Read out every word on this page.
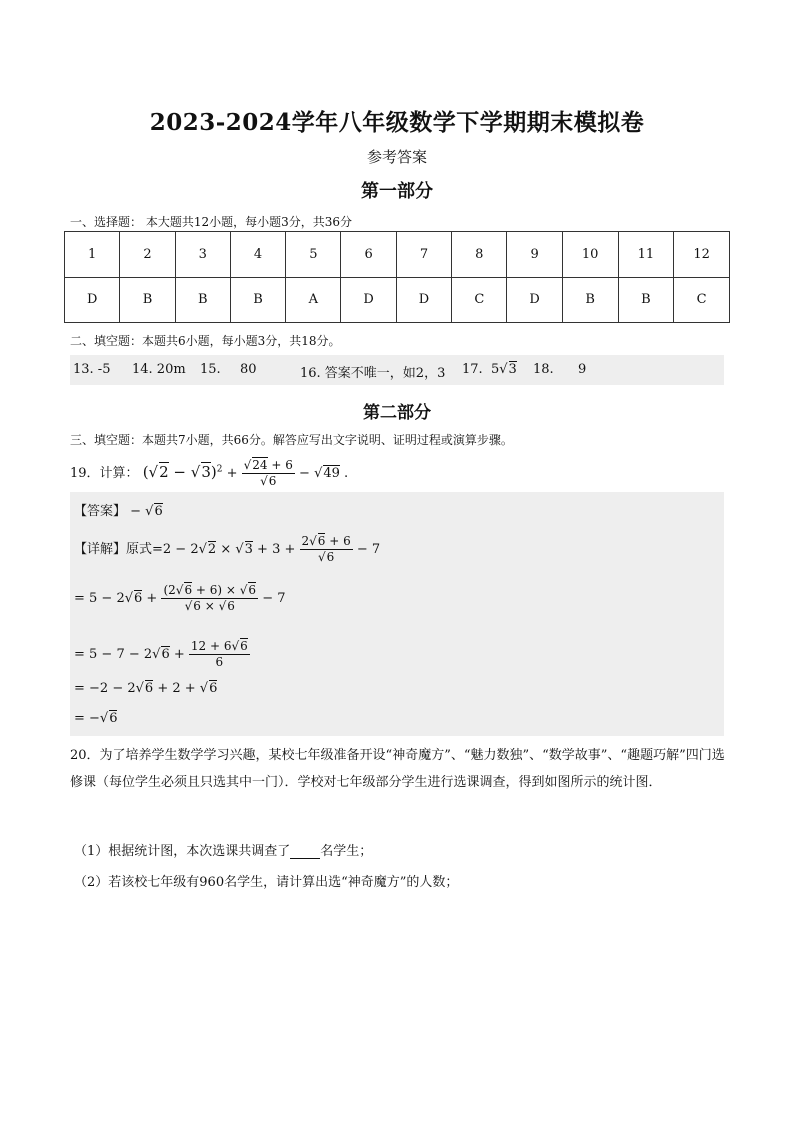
2023-2024学年八年级数学下学期期末模拟卷
参考答案
第一部分
一、选择题： 本大题共12小题，每小题3分，共36分
1	2	3	4	5	6	7	8	9	10	11	12
D	B	B	B	A	D	D	C	D	B	B	C
二、填空题：本题共6小题，每小题3分，共18分。
13. -5 14. 20m 15. 80	16. 答案不唯一，如2，3 17. 5√3 18. 9
第二部分
三、填空题：本题共7小题，共66分。解答应写出文字说明、证明过程或演算步骤。
19．计算： $(√2 - √3)^2 + \frac{√24 + 6}{√6} - √49$ .
【答案】 − √6
【详解】原式$=2 - 2√2 \times √3 + 3 + \frac{2√6 + 6}{√6} - 7$
= $5 - 2√6 + \frac{(2√6 + 6) \times √6}{√6 \times √6} - 7$
= $5 - 7 - 2√6 + \frac{12 + 6√6}{6}$
= −2 − 2√6 + 2 + √6
= −√6
20．为了培养学生数学学习兴趣，某校七年级准备开设“神奇魔方”、“魅力数独”、“数学故事”、“趣题巧解”四门选修课（每位学生必须且只选其中一门）．学校对七年级部分学生进行选课调查，得到如图所示的统计图．
（1）根据统计图，本次选课共调查了 名学生；
（2）若该校七年级有960名学生，请计算出选“神奇魔方”的人数；
